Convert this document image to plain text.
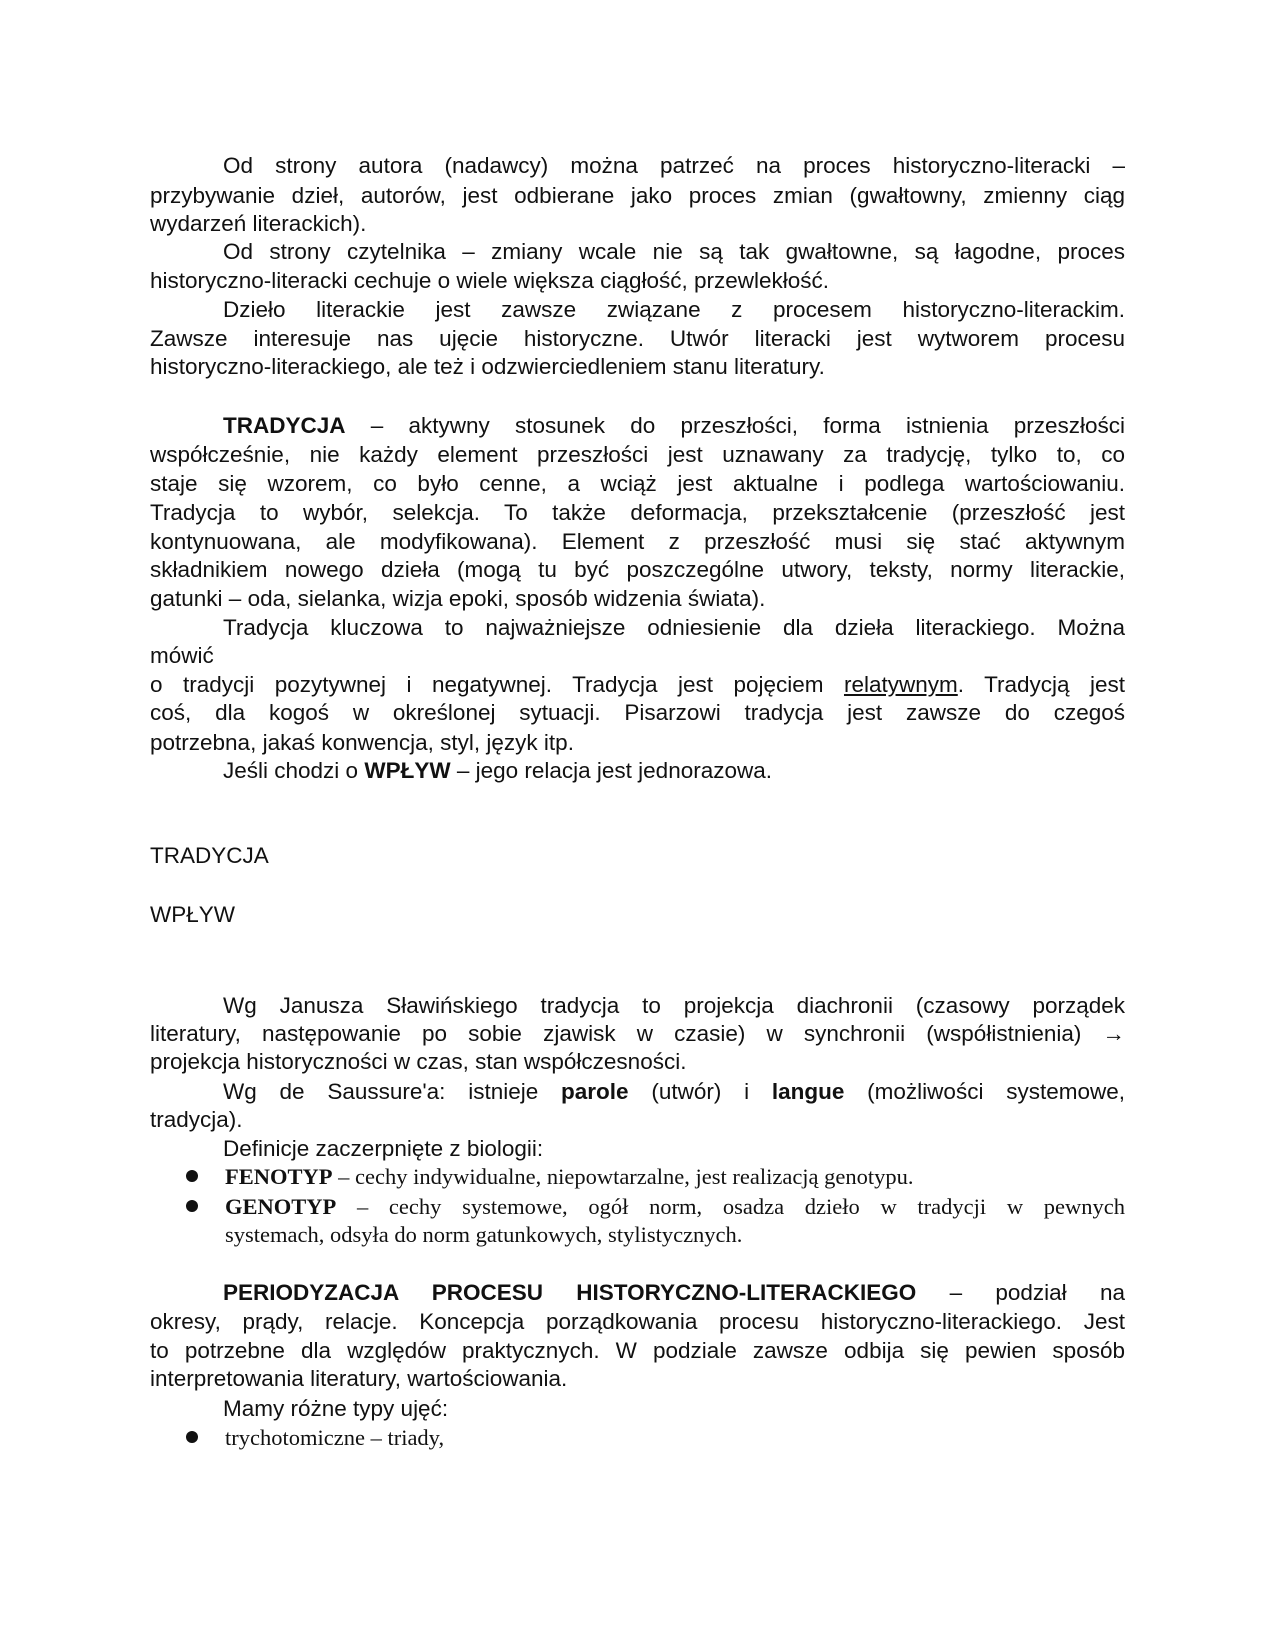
Od strony autora (nadawcy) można patrzeć na proces historyczno-literacki –
przybywanie dzieł, autorów, jest odbierane jako proces zmian (gwałtowny, zmienny ciąg
wydarzeń literackich).
Od strony czytelnika – zmiany wcale nie są tak gwałtowne, są łagodne, proces
historyczno-literacki cechuje o wiele większa ciągłość, przewlekłość.
Dzieło literackie jest zawsze związane z procesem historyczno-literackim.
Zawsze interesuje nas ujęcie historyczne. Utwór literacki jest wytworem procesu
historyczno-literackiego, ale też i odzwierciedleniem stanu literatury.
TRADYCJA – aktywny stosunek do przeszłości, forma istnienia przeszłości
współcześnie, nie każdy element przeszłości jest uznawany za tradycję, tylko to, co
staje się wzorem, co było cenne, a wciąż jest aktualne i podlega wartościowaniu.
Tradycja to wybór, selekcja. To także deformacja, przekształcenie (przeszłość jest
kontynuowana, ale modyfikowana). Element z przeszłość musi się stać aktywnym
składnikiem nowego dzieła (mogą tu być poszczególne utwory, teksty, normy literackie,
gatunki – oda, sielanka, wizja epoki, sposób widzenia świata).
Tradycja kluczowa to najważniejsze odniesienie dla dzieła literackiego. Można
mówić
o tradycji pozytywnej i negatywnej. Tradycja jest pojęciem relatywnym. Tradycją jest
coś, dla kogoś w określonej sytuacji. Pisarzowi tradycja jest zawsze do czegoś
potrzebna, jakaś konwencja, styl, język itp.
Jeśli chodzi o WPŁYW – jego relacja jest jednorazowa.
TRADYCJA
WPŁYW
Wg Janusza Sławińskiego tradycja to projekcja diachronii (czasowy porządek
literatury, następowanie po sobie zjawisk w czasie) w synchronii (współistnienia) →
projekcja historyczności w czas, stan współczesności.
Wg de Saussure'a: istnieje parole (utwór) i langue (możliwości systemowe,
tradycja).
Definicje zaczerpnięte z biologii:
FENOTYP – cechy indywidualne, niepowtarzalne, jest realizacją genotypu.
GENOTYP – cechy systemowe, ogół norm, osadza dzieło w tradycji w pewnych
systemach, odsyła do norm gatunkowych, stylistycznych.
PERIODYZACJA PROCESU HISTORYCZNO-LITERACKIEGO – podział na
okresy, prądy, relacje. Koncepcja porządkowania procesu historyczno-literackiego. Jest
to potrzebne dla względów praktycznych. W podziale zawsze odbija się pewien sposób
interpretowania literatury, wartościowania.
Mamy różne typy ujęć:
trychotomiczne – triady,
